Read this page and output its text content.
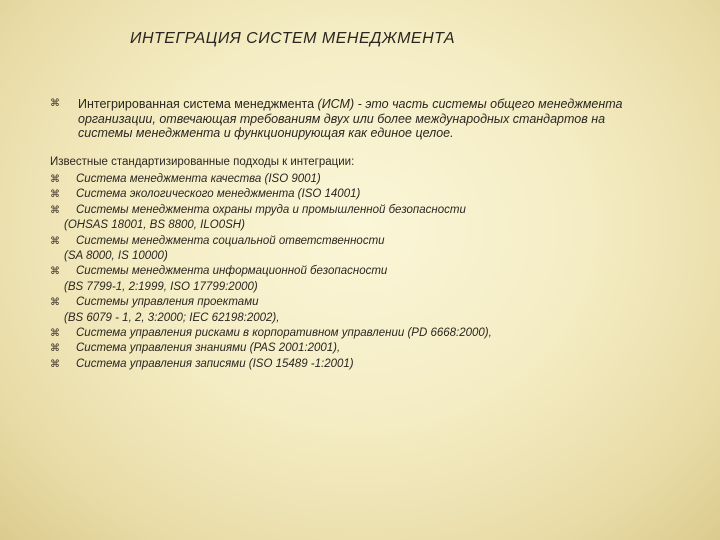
ИНТЕГРАЦИЯ СИСТЕМ МЕНЕДЖМЕНТА
⌘ Интегрированная система менеджмента (ИСМ) - это часть системы общего менеджмента
организации, отвечающая требованиям двух или более международных стандартов на
системы менеджмента и функционирующая как единое целое.
Известные стандартизированные подходы к интеграции:
⌘ Система менеджмента качества (ISO 9001)
⌘ Система экологического менеджмента (ISO 14001)
⌘ Системы менеджмента охраны труда и промышленной безопасности
(OHSAS 18001, BS 8800, ILO0SH)
⌘ Системы менеджмента социальной ответственности
(SA 8000, IS 10000)
⌘ Системы менеджмента информационной безопасности
(BS 7799-1, 2:1999, ISO 17799:2000)
⌘ Системы управления проектами
(BS 6079 - 1, 2, 3:2000; IEC 62198:2002),
⌘ Система управления рисками в корпоративном управлении (PD 6668:2000),
⌘ Система управления знаниями (PAS 2001:2001),
⌘ Система управления записями (ISO 15489 -1:2001)
